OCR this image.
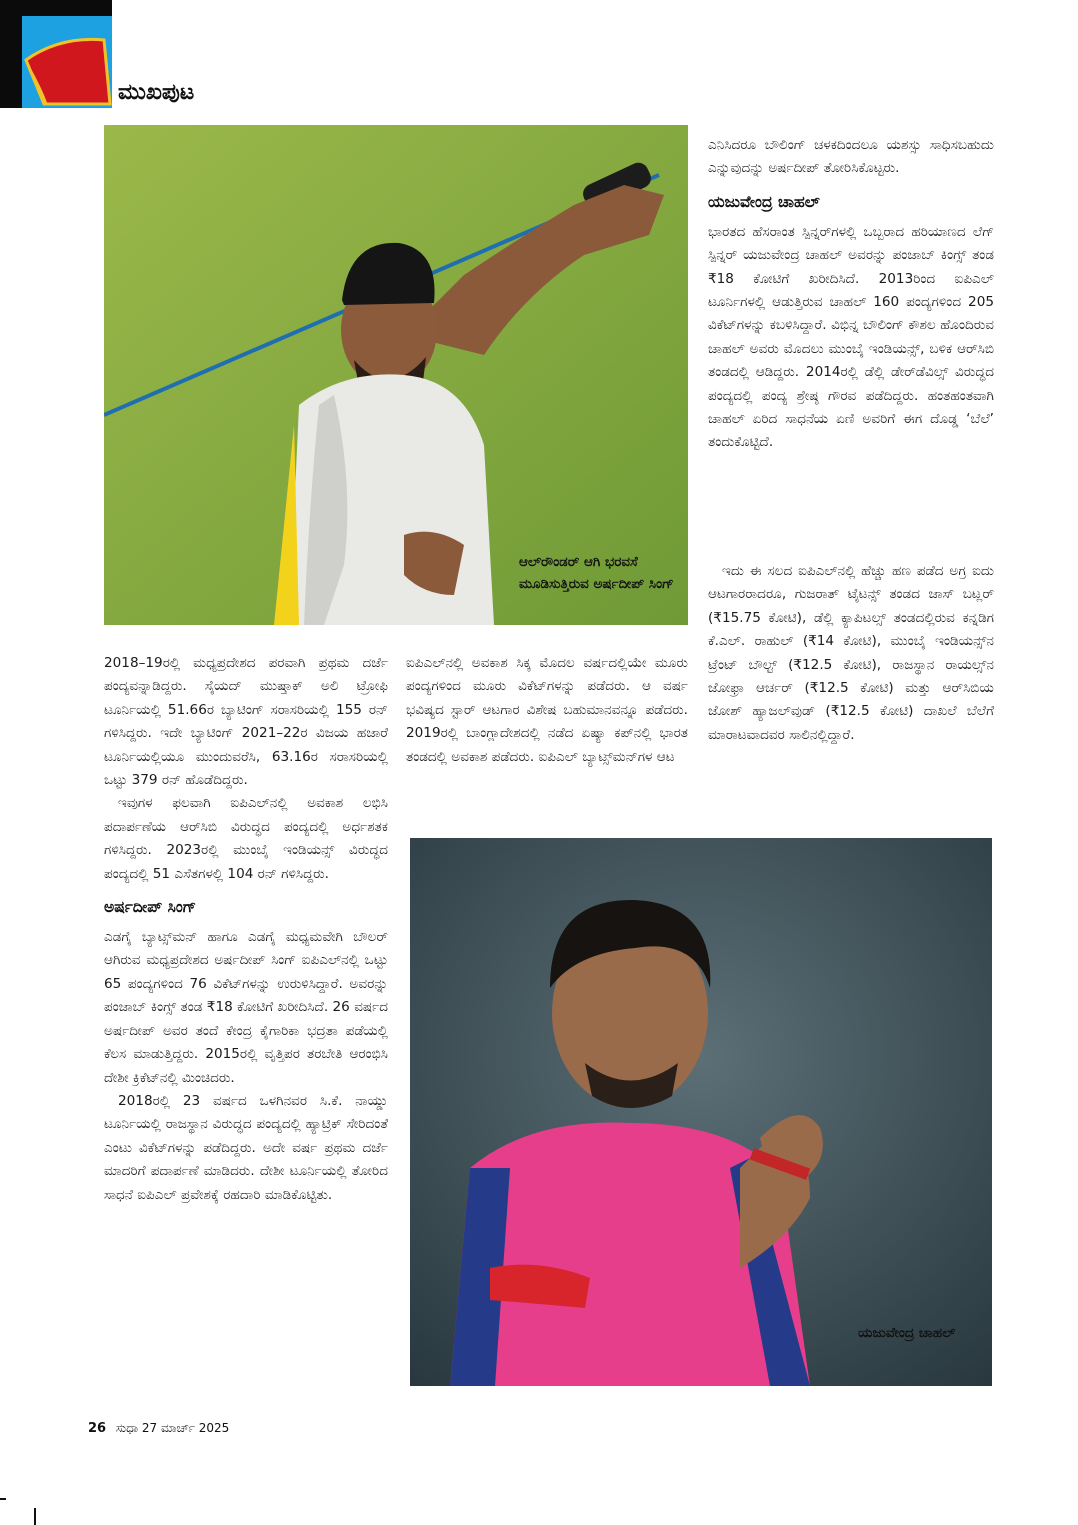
ಮುಖಪುಟ
ಆಲ್‌ರೌಂಡರ್ ಆಗಿ ಭರವಸೆ ಮೂಡಿಸುತ್ತಿರುವ ಅರ್ಷದೀಪ್ ಸಿಂಗ್

ಎನಿಸಿದರೂ ಬೌಲಿಂಗ್ ಚಳಕದಿಂದಲೂ ಯಶಸ್ಸು ಸಾಧಿಸಬಹುದು ಎನ್ನುವುದನ್ನು ಅರ್ಷದೀಪ್ ತೋರಿಸಿಕೊಟ್ಟರು.

ಯಜುವೇಂದ್ರ ಚಾಹಲ್

ಭಾರತದ ಹೆಸರಾಂತ ಸ್ಪಿನ್ನರ್‌ಗಳಲ್ಲಿ ಒಬ್ಬರಾದ ಹರಿಯಾಣದ ಲೆಗ್ ಸ್ಪಿನ್ನರ್ ಯಜುವೇಂದ್ರ ಚಾಹಲ್ ಅವರನ್ನು ಪಂಜಾಬ್ ಕಿಂಗ್ಸ್ ತಂಡ ₹18 ಕೋಟಿಗೆ ಖರೀದಿಸಿದೆ. 2013ರಿಂದ ಐಪಿಎಲ್ ಟೂರ್ನಿಗಳಲ್ಲಿ ಆಡುತ್ತಿರುವ ಚಾಹಲ್ 160 ಪಂದ್ಯಗಳಿಂದ 205 ವಿಕೆಟ್‌ಗಳನ್ನು ಕಬಳಿಸಿದ್ದಾರೆ. ವಿಭಿನ್ನ ಬೌಲಿಂಗ್ ಕೌಶಲ ಹೊಂದಿರುವ ಚಾಹಲ್ ಅವರು ಮೊದಲು ಮುಂಬೈ ಇಂಡಿಯನ್ಸ್, ಬಳಿಕ ಆರ್‌ಸಿಬಿ ತಂಡದಲ್ಲಿ ಆಡಿದ್ದರು. 2014ರಲ್ಲಿ ಡೆಲ್ಲಿ ಡೇರ್‌ಡೆವಿಲ್ಸ್ ವಿರುದ್ಧದ ಪಂದ್ಯದಲ್ಲಿ ಪಂದ್ಯ ಶ್ರೇಷ್ಠ ಗೌರವ ಪಡೆದಿದ್ದರು. ಹಂತಹಂತವಾಗಿ ಚಾಹಲ್ ಏರಿದ ಸಾಧನೆಯ ಏಣಿ ಅವರಿಗೆ ಈಗ ದೊಡ್ಡ ‘ಬೆಲೆ’ ತಂದುಕೊಟ್ಟಿದೆ.

ಇದು ಈ ಸಲದ ಐಪಿಎಲ್‌ನಲ್ಲಿ ಹೆಚ್ಚು ಹಣ ಪಡೆದ ಅಗ್ರ ಐದು ಆಟಗಾರರಾದರೂ, ಗುಜರಾತ್ ಟೈಟನ್ಸ್ ತಂಡದ ಜಾಸ್ ಬಟ್ಲರ್ (₹15.75 ಕೋಟಿ), ಡೆಲ್ಲಿ ಕ್ಯಾಪಿಟಲ್ಸ್ ತಂಡದಲ್ಲಿರುವ ಕನ್ನಡಿಗ ಕೆ.ಎಲ್. ರಾಹುಲ್ (₹14 ಕೋಟಿ), ಮುಂಬೈ ಇಂಡಿಯನ್ಸ್‌ನ ಟ್ರೆಂಟ್ ಬೌಲ್ಟ್ (₹12.5 ಕೋಟಿ), ರಾಜಸ್ಥಾನ ರಾಯಲ್ಸ್‌ನ ಜೋಫ್ರಾ ಆರ್ಚರ್ (₹12.5 ಕೋಟಿ) ಮತ್ತು ಆರ್‌ಸಿಬಿಯ ಜೋಶ್ ಹ್ಯಾಜಲ್‌ವುಡ್ (₹12.5 ಕೋಟಿ) ದಾಖಲೆ ಬೆಲೆಗೆ ಮಾರಾಟವಾದವರ ಸಾಲಿನಲ್ಲಿದ್ದಾರೆ.

2018–19ರಲ್ಲಿ ಮಧ್ಯಪ್ರದೇಶದ ಪರವಾಗಿ ಪ್ರಥಮ ದರ್ಜೆ ಪಂದ್ಯವನ್ನಾಡಿದ್ದರು. ಸೈಯದ್ ಮುಷ್ತಾಕ್ ಅಲಿ ಟ್ರೋಫಿ ಟೂರ್ನಿಯಲ್ಲಿ 51.66ರ ಬ್ಯಾಟಿಂಗ್ ಸರಾಸರಿಯಲ್ಲಿ 155 ರನ್ ಗಳಿಸಿದ್ದರು. ಇದೇ ಬ್ಯಾಟಿಂಗ್ 2021–22ರ ವಿಜಯ ಹಜಾರೆ ಟೂರ್ನಿಯಲ್ಲಿಯೂ ಮುಂದುವರೆಸಿ, 63.16ರ ಸರಾಸರಿಯಲ್ಲಿ ಒಟ್ಟು 379 ರನ್ ಹೊಡೆದಿದ್ದರು.

ಇವುಗಳ ಫಲವಾಗಿ ಐಪಿಎಲ್‌ನಲ್ಲಿ ಅವಕಾಶ ಲಭಿಸಿ ಪದಾರ್ಪಣೆಯ ಆರ್‌ಸಿಬಿ ವಿರುದ್ಧದ ಪಂದ್ಯದಲ್ಲಿ ಅರ್ಧಶತಕ ಗಳಿಸಿದ್ದರು. 2023ರಲ್ಲಿ ಮುಂಬೈ ಇಂಡಿಯನ್ಸ್ ವಿರುದ್ಧದ ಪಂದ್ಯದಲ್ಲಿ 51 ಎಸೆತಗಳಲ್ಲಿ 104 ರನ್ ಗಳಿಸಿದ್ದರು.

ಅರ್ಷದೀಪ್ ಸಿಂಗ್

ಎಡಗೈ ಬ್ಯಾಟ್ಸ್‌ಮನ್ ಹಾಗೂ ಎಡಗೈ ಮಧ್ಯಮವೇಗಿ ಬೌಲರ್ ಆಗಿರುವ ಮಧ್ಯಪ್ರದೇಶದ ಅರ್ಷದೀಪ್ ಸಿಂಗ್ ಐಪಿಎಲ್‌ನಲ್ಲಿ ಒಟ್ಟು 65 ಪಂದ್ಯಗಳಿಂದ 76 ವಿಕೆಟ್‌ಗಳನ್ನು ಉರುಳಿಸಿದ್ದಾರೆ. ಅವರನ್ನು ಪಂಜಾಬ್ ಕಿಂಗ್ಸ್ ತಂಡ ₹18 ಕೋಟಿಗೆ ಖರೀದಿಸಿದೆ. 26 ವರ್ಷದ ಅರ್ಷದೀಪ್ ಅವರ ತಂದೆ ಕೇಂದ್ರ ಕೈಗಾರಿಕಾ ಭದ್ರತಾ ಪಡೆಯಲ್ಲಿ ಕೆಲಸ ಮಾಡುತ್ತಿದ್ದರು. 2015ರಲ್ಲಿ ವೃತ್ತಿಪರ ತರಬೇತಿ ಆರಂಭಿಸಿ ದೇಶೀ ಕ್ರಿಕೆಟ್‌ನಲ್ಲಿ ಮಿಂಚಿದರು.

2018ರಲ್ಲಿ 23 ವರ್ಷದ ಒಳಗಿನವರ ಸಿ.ಕೆ. ನಾಯ್ಡು ಟೂರ್ನಿಯಲ್ಲಿ ರಾಜಸ್ಥಾನ ವಿರುದ್ಧದ ಪಂದ್ಯದಲ್ಲಿ ಹ್ಯಾಟ್ರಿಕ್ ಸೇರಿದಂತೆ ಎಂಟು ವಿಕೆಟ್‌ಗಳನ್ನು ಪಡೆದಿದ್ದರು. ಅದೇ ವರ್ಷ ಪ್ರಥಮ ದರ್ಜೆ ಮಾದರಿಗೆ ಪದಾರ್ಪಣೆ ಮಾಡಿದರು. ದೇಶೀ ಟೂರ್ನಿಯಲ್ಲಿ ತೋರಿದ ಸಾಧನೆ ಐಪಿಎಲ್ ಪ್ರವೇಶಕ್ಕೆ ರಹದಾರಿ ಮಾಡಿಕೊಟ್ಟಿತು.

ಐಪಿಎಲ್‌ನಲ್ಲಿ ಅವಕಾಶ ಸಿಕ್ಕ ಮೊದಲ ವರ್ಷದಲ್ಲಿಯೇ ಮೂರು ಪಂದ್ಯಗಳಿಂದ ಮೂರು ವಿಕೆಟ್‌ಗಳನ್ನು ಪಡೆದರು. ಆ ವರ್ಷ ಭವಿಷ್ಯದ ಸ್ಟಾರ್ ಆಟಗಾರ ವಿಶೇಷ ಬಹುಮಾನವನ್ನೂ ಪಡೆದರು. 2019ರಲ್ಲಿ ಬಾಂಗ್ಲಾದೇಶದಲ್ಲಿ ನಡೆದ ಏಷ್ಯಾ ಕಪ್‌ನಲ್ಲಿ ಭಾರತ ತಂಡದಲ್ಲಿ ಅವಕಾಶ ಪಡೆದರು. ಐಪಿಎಲ್ ಬ್ಯಾಟ್ಸ್‌ಮನ್‌ಗಳ ಆಟ

ಯಜುವೇಂದ್ರ ಚಾಹಲ್
26 ಸುಧಾ 27 ಮಾರ್ಚ್ 2025
